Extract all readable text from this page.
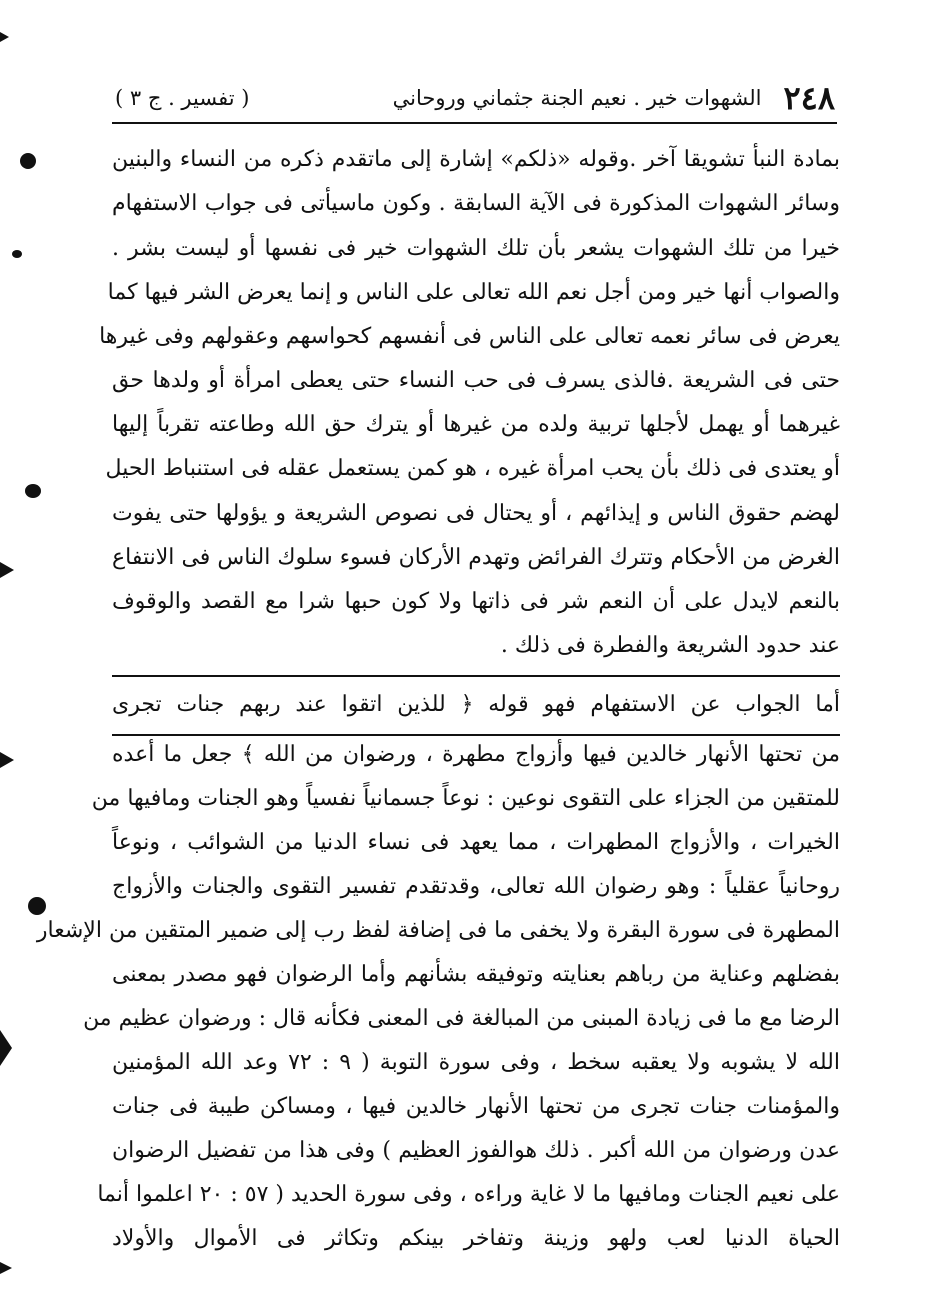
٢٤٨
الشهوات خير . نعيم الجنة جثماني وروحاني
( تفسير . ج ٣ )
بمادة النبأ تشويقا آخر .وقوله «ذلكم» إشارة إلى ماتقدم ذكره من النساء والبنين
وسائر الشهوات المذكورة فى الآية السابقة . وكون ماسيأتى فى جواب الاستفهام
خيرا من تلك الشهوات يشعر بأن تلك الشهوات خير فى نفسها أو ليست بشر .
والصواب أنها خير ومن أجل نعم الله تعالى على الناس و إنما يعرض الشر فيها كما
يعرض فى سائر نعمه تعالى على الناس فى أنفسهم كحواسهم وعقولهم وفى غيرها
حتى فى الشريعة .فالذى يسرف فى حب النساء حتى يعطى امرأة أو ولدها حق
غيرهما أو يهمل لأجلها تربية ولده من غيرها أو يترك حق الله وطاعته تقرباً إليها
أو يعتدى فى ذلك بأن يحب امرأة غيره ، هو كمن يستعمل عقله فى استنباط الحيل
لهضم حقوق الناس و إيذائهم ، أو يحتال فى نصوص الشريعة و يؤولها حتى يفوت
الغرض من الأحكام وتترك الفرائض وتهدم الأركان فسوء سلوك الناس فى الانتفاع
بالنعم لايدل على أن النعم شر فى ذاتها ولا كون حبها شرا مع القصد والوقوف
عند حدود الشريعة والفطرة فى ذلك .
أما الجواب عن الاستفهام فهو قوله ﴿ للذين اتقوا عند ربهم جنات تجرى
من تحتها الأنهار خالدين فيها وأزواج مطهرة ، ورضوان من الله ﴾ جعل ما أعده
للمتقين من الجزاء على التقوى نوعين : نوعاً جسمانياً نفسياً وهو الجنات ومافيها من
الخيرات ، والأزواج المطهرات ، مما يعهد فى نساء الدنيا من الشوائب ، ونوعاً
روحانياً عقلياً : وهو رضوان الله تعالى، وقدتقدم تفسير التقوى والجنات والأزواج
المطهرة فى سورة البقرة ولا يخفى ما فى إضافة لفظ رب إلى ضمير المتقين من الإشعار
بفضلهم وعناية من رباهم بعنايته وتوفيقه بشأنهم وأما الرضوان فهو مصدر بمعنى
الرضا مع ما فى زيادة المبنى من المبالغة فى المعنى فكأنه قال : ورضوان عظيم من
الله لا يشوبه ولا يعقبه سخط ، وفى سورة التوبة ( ٩ : ٧٢ وعد الله المؤمنين
والمؤمنات جنات تجرى من تحتها الأنهار خالدين فيها ، ومساكن طيبة فى جنات
عدن ورضوان من الله أكبر . ذلك هوالفوز العظيم ) وفى هذا من تفضيل الرضوان
على نعيم الجنات ومافيها ما لا غاية وراءه ، وفى سورة الحديد ( ٥٧ : ٢٠ اعلموا أنما
الحياة الدنيا لعب ولهو وزينة وتفاخر بينكم وتكاثر فى الأموال والأولاد
